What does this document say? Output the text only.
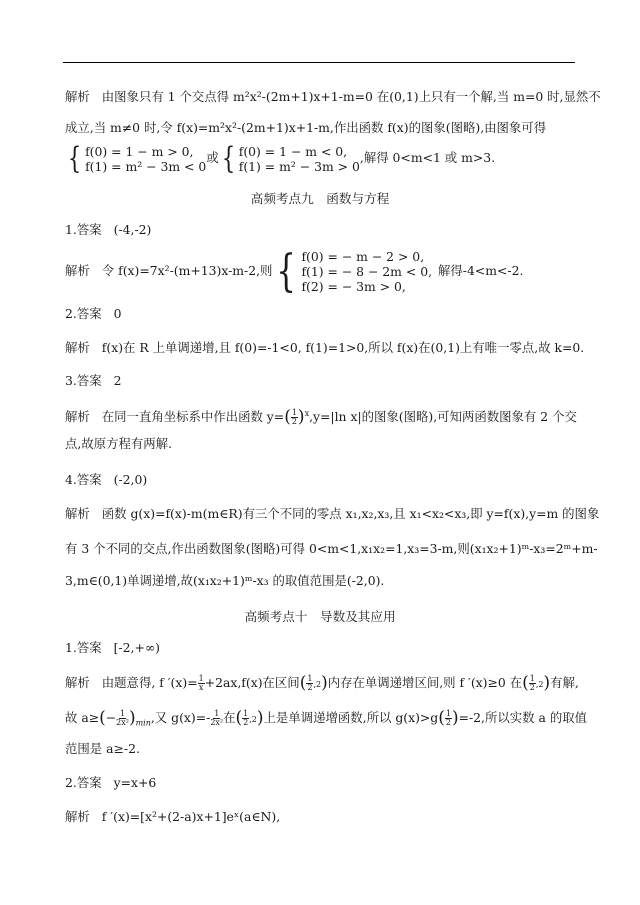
解析 由图象只有 1 个交点得 m²x²-(2m+1)x+1-m=0 在(0,1)上只有一个解,当 m=0 时,显然不
成立,当 m≠0 时,令 f(x)=m²x²-(2m+1)x+1-m,作出函数 f(x)的图象(图略),由图象可得
{ f(0) = 1 − m > 0,
f(1) = m² − 3m < 0
或{ f(0) = 1 − m < 0,
f(1) = m² − 3m > 0
,解得 0<m<1 或 m>3.
高频考点九　函数与方程
1.答案 (-4,-2)
解析 令 f(x)=7x²-(m+13)x-m-2,则{ f(0) = − m − 2 > 0,
f(1) = − 8 − 2m < 0,
f(2) = − 3m > 0,
解得-4<m<-2.
2.答案 0
解析 f(x)在 R 上单调递增,且 f(0)=-1<0, f(1)=1>0,所以 f(x)在(0,1)上有唯一零点,故 k=0.
3.答案 2
解析 在同一直角坐标系中作出函数 $y=( \frac{1}{2} )^x,y=|\ln$ x|的图象(图略),可知两函数图象有 2 个交
点,故原方程有两解.
4.答案 (-2,0)
解析 函数 g(x)=f(x)-m(m∈R)有三个不同的零点 x₁,x₂,x₃,且 x₁<x₂<x₃,即 y=f(x),y=m 的图象
有 3 个不同的交点,作出函数图象(图略)可得 0<m<1,x₁x₂=1,x₃=3-m,则(x₁x₂+1)ᵐ-x₃=2ᵐ+m-
3,m∈(0,1)单调递增,故(x₁x₂+1)ᵐ-x₃ 的取值范围是(-2,0).
高频考点十　导数及其应用
1.答案 [-2,+∞)
解析 由题意得, f $'(x)= \frac{1}{x} +2ax,f(x)$在区间( $\frac{1}{2} ,2$)内存在单调递增区间,则 f ′(x)≥0 在( $\frac{1}{2} ,2$)有解,
故 $a\ge(- \frac{1}{\text{2x²}} )_{min}$,又 $g(x)=- \frac{1}{\text{2x²}}$ 在( $\frac{1}{2} ,2$)上是单调递增函数,所以 $g(x)>g( \frac{1}{2} )=-2$,所以实数 a 的取值
范围是 a≥-2.
2.答案 y=x+6
解析 f ′(x)=[x²+(2-a)x+1]eˣ(a∈N),
